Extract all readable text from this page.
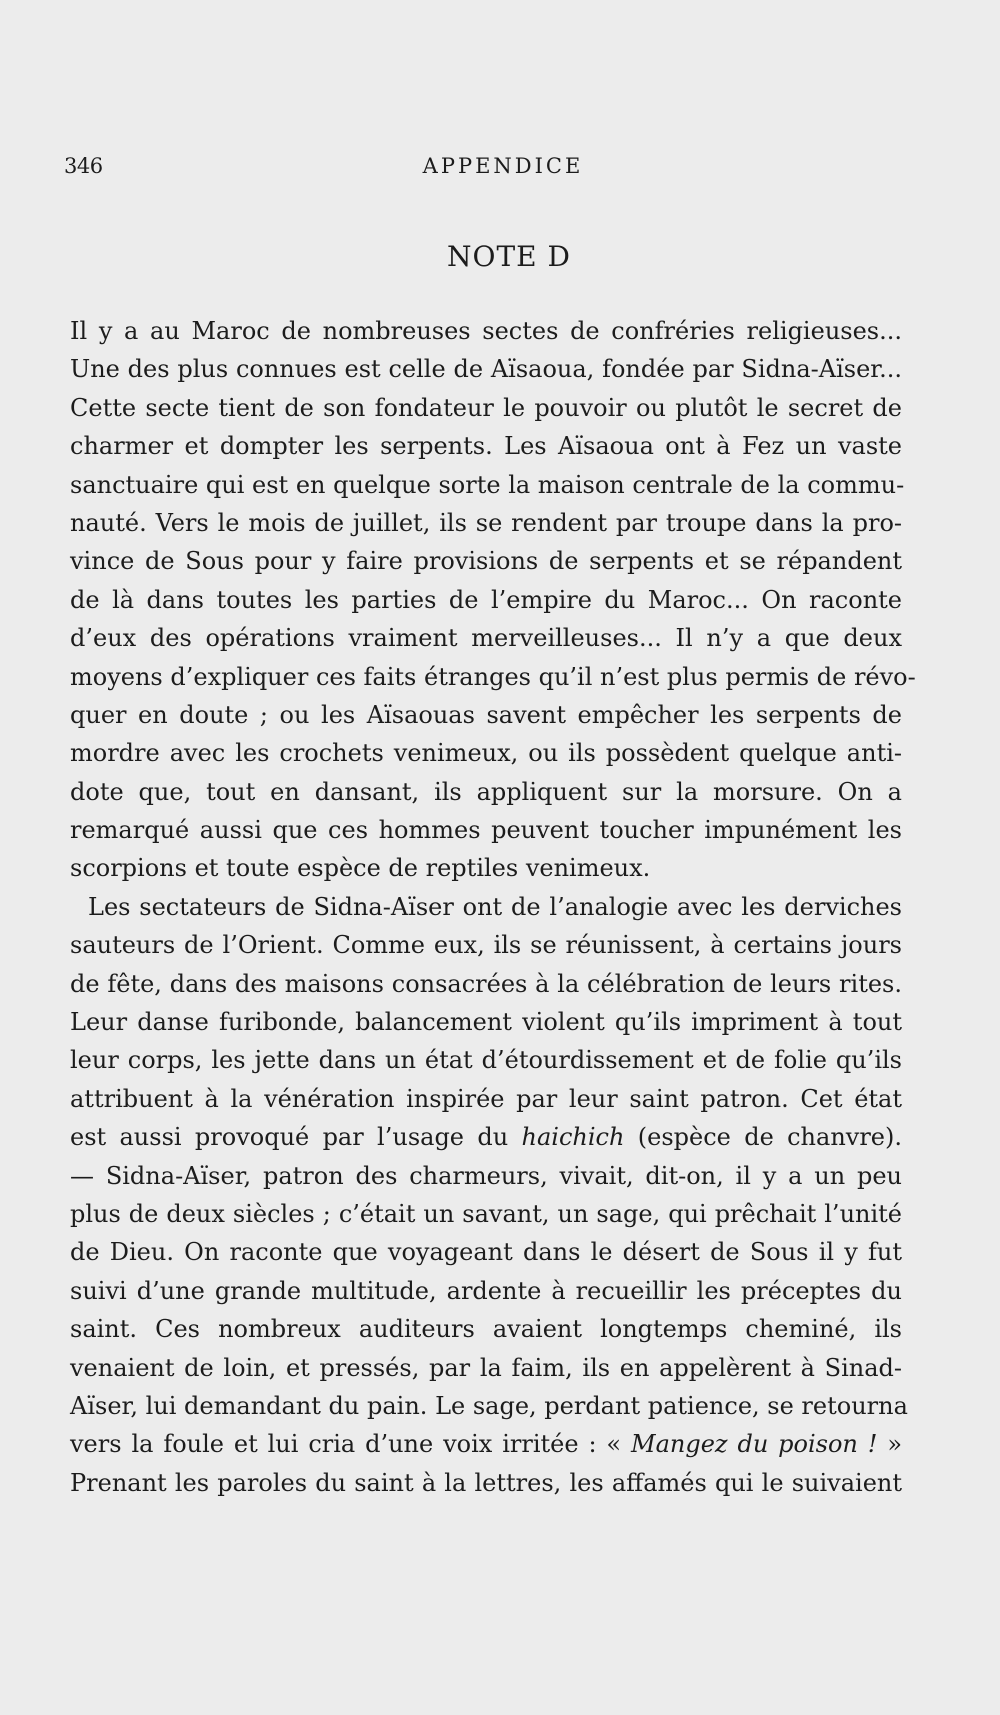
346	APPENDICE
NOTE D
Il y a au Maroc de nombreuses sectes de confréries religieuses...
Une des plus connues est celle de Aïsaoua, fondée par Sidna-Aïser...
Cette secte tient de son fondateur le pouvoir ou plutôt le secret de
charmer et dompter les serpents. Les Aïsaoua ont à Fez un vaste
sanctuaire qui est en quelque sorte la maison centrale de la commu-
nauté. Vers le mois de juillet, ils se rendent par troupe dans la pro-
vince de Sous pour y faire provisions de serpents et se répandent
de là dans toutes les parties de l’empire du Maroc... On raconte
d’eux des opérations vraiment merveilleuses... Il n’y a que deux
moyens d’expliquer ces faits étranges qu’il n’est plus permis de révo-
quer en doute ; ou les Aïsaouas savent empêcher les serpents de
mordre avec les crochets venimeux, ou ils possèdent quelque anti-
dote que, tout en dansant, ils appliquent sur la morsure. On a
remarqué aussi que ces hommes peuvent toucher impunément les
scorpions et toute espèce de reptiles venimeux.
Les sectateurs de Sidna-Aïser ont de l’analogie avec les derviches
sauteurs de l’Orient. Comme eux, ils se réunissent, à certains jours
de fête, dans des maisons consacrées à la célébration de leurs rites.
Leur danse furibonde, balancement violent qu’ils impriment à tout
leur corps, les jette dans un état d’étourdissement et de folie qu’ils
attribuent à la vénération inspirée par leur saint patron. Cet état
est aussi provoqué par l’usage du haichich (espèce de chanvre).
— Sidna-Aïser, patron des charmeurs, vivait, dit-on, il y a un peu
plus de deux siècles ; c’était un savant, un sage, qui prêchait l’unité
de Dieu. On raconte que voyageant dans le désert de Sous il y fut
suivi d’une grande multitude, ardente à recueillir les préceptes du
saint. Ces nombreux auditeurs avaient longtemps cheminé, ils
venaient de loin, et pressés, par la faim, ils en appelèrent à Sinad-
Aïser, lui demandant du pain. Le sage, perdant patience, se retourna
vers la foule et lui cria d’une voix irritée : « Mangez du poison ! »
Prenant les paroles du saint à la lettres, les affamés qui le suivaient
